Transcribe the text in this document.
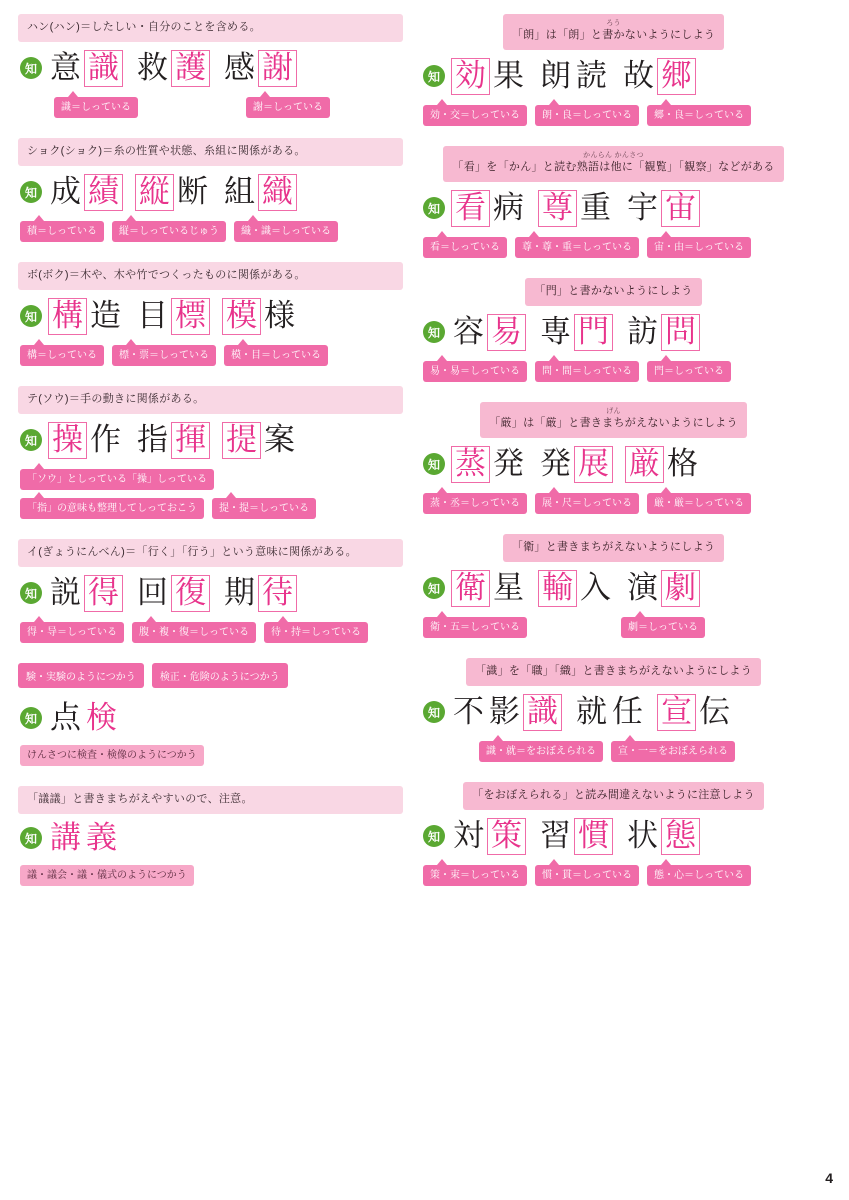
ハン(ハン)＝したしい・自分のことを含める。
知 意 識 救 護 感 謝
識＝しっている	謝＝しっている
ショク(ショク)＝糸の性質や状態、糸組に関係がある。
知 成 績 縦 断 組 織
積＝しっている	縦＝しっているじゅう	織・識＝しっている
ボ(ボク)＝木や、木や竹でつくったものに関係がある。
知 構 造 目 標 模 様
構＝しっている	標・票＝しっている	模・目＝しっている
テ(ソウ)＝手の動きに関係がある。
知 操 作 指 揮 提 案
「ソウ」としっている「操」しっている
「指」の意味も整理してしっておこう	提・提＝しっている
イ(ぎょうにんべん)＝「行く」「行う」という意味に関係がある。
知 説 得 回 復 期 待
得・导＝しっている	腹・複・復＝しっている	待・持＝しっている
験・実験のようにつかう	検正・危険のようにつかう
知 点 検
けんさつに検査・検像のようにつかう
「議議」と書きまちがえやすいので、注意。
知 講 義
議・議会・議・儀式のようにつかう
ろう
「朗」は「朗」と書かないようにしよう
知 効 果 朗 読 故 郷
効・交＝しっている	朗・良＝しっている	郷・良＝しっている
かんらん かんさつ
「看」を「かん」と読む熟語は他に「観覧」「観察」などがある
知 看 病 尊 重 宇 宙
看＝しっている	尊・尊・重＝しっている	宙・由＝しっている
「門」と書かないようにしよう
知 容 易 専 門 訪 問
易・易＝しっている	問・間＝しっている	門＝しっている
げん
「厳」は「厳」と書きまちがえないようにしよう
知 蒸 発 発 展 厳 格
蒸・丞＝しっている	展・尺＝しっている	厳・厳＝しっている
「衛」と書きまちがえないようにしよう
知 衛 星 輸 入 演 劇
衛・五＝しっている	劇＝しっている
「識」を「職」「織」と書きまちがえないようにしよう
知 不 影 識 就 任 宣 伝
識・就＝をおぼえられる	宣・一＝をおぼえられる
「をおぼえられる」と読み間違えないように注意しよう
知 対 策 習 慣 状 態
策・束＝しっている	慣・貫＝しっている	態・心＝しっている
4
